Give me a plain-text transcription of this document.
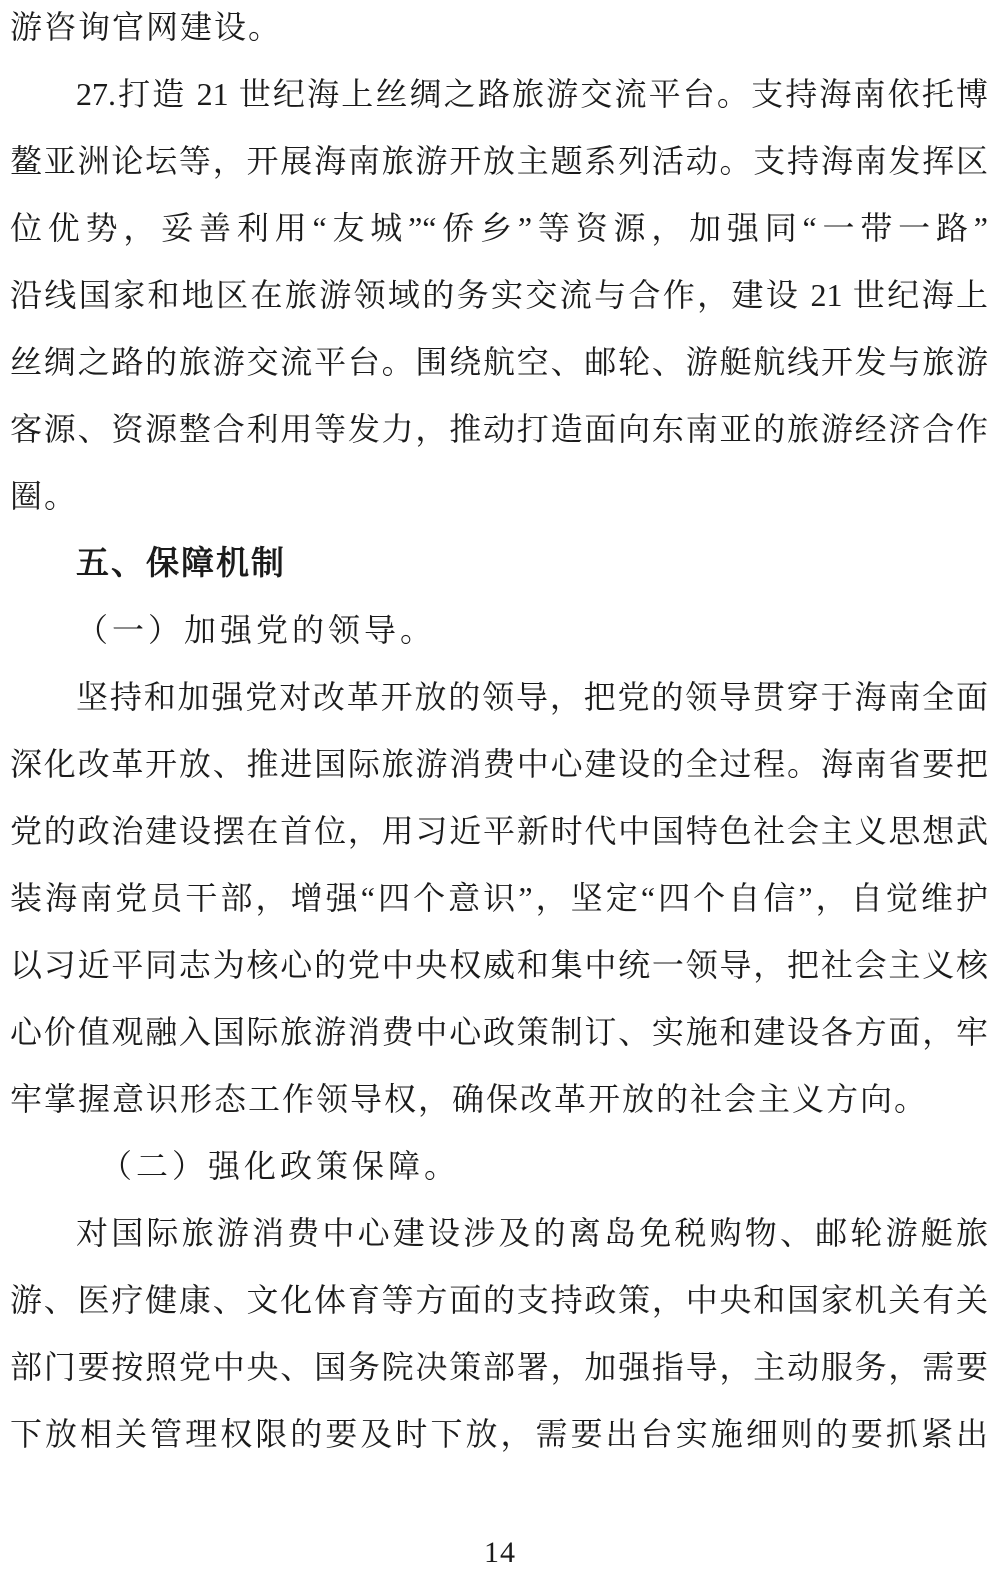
游咨询官网建设。
27.打造 21 世纪海上丝绸之路旅游交流平台。支持海南依托博
鳌亚洲论坛等，开展海南旅游开放主题系列活动。支持海南发挥区
位优势，妥善利用“友城”“侨乡”等资源，加强同“一带一路”
沿线国家和地区在旅游领域的务实交流与合作，建设 21 世纪海上
丝绸之路的旅游交流平台。围绕航空、邮轮、游艇航线开发与旅游
客源、资源整合利用等发力，推动打造面向东南亚的旅游经济合作
圈。
五、保障机制
（一）加强党的领导。
坚持和加强党对改革开放的领导，把党的领导贯穿于海南全面
深化改革开放、推进国际旅游消费中心建设的全过程。海南省要把
党的政治建设摆在首位，用习近平新时代中国特色社会主义思想武
装海南党员干部，增强“四个意识”，坚定“四个自信”，自觉维护
以习近平同志为核心的党中央权威和集中统一领导，把社会主义核
心价值观融入国际旅游消费中心政策制订、实施和建设各方面，牢
牢掌握意识形态工作领导权，确保改革开放的社会主义方向。
（二）强化政策保障。
对国际旅游消费中心建设涉及的离岛免税购物、邮轮游艇旅
游、医疗健康、文化体育等方面的支持政策，中央和国家机关有关
部门要按照党中央、国务院决策部署，加强指导，主动服务，需要
下放相关管理权限的要及时下放，需要出台实施细则的要抓紧出
14
